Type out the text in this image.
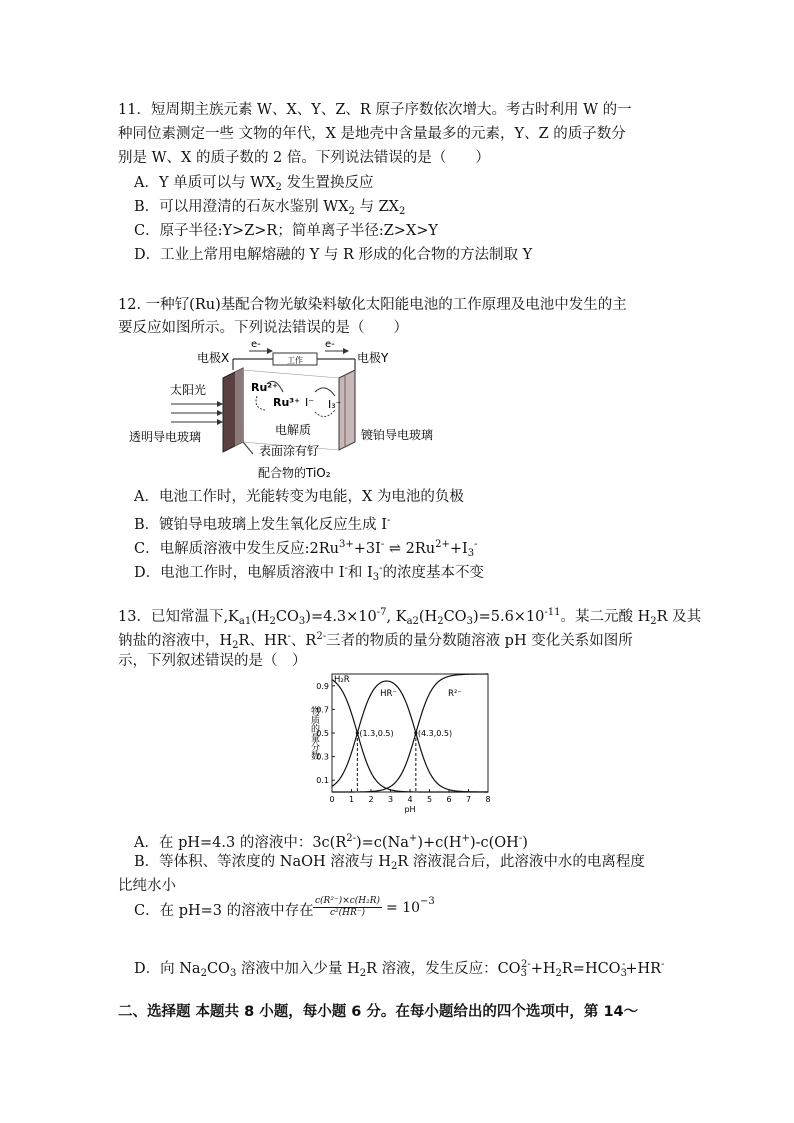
11．短周期主族元素 W、X、Y、Z、R 原子序数依次增大。考古时利用 W 的一
种同位素测定一些 文物的年代，X 是地壳中含量最多的元素，Y、Z 的质子数分
别是 W、X 的质子数的 2 倍。下列说法错误的是（　　）
A．Y 单质可以与 $WX_2$ 发生置换反应
B．可以用澄清的石灰水鉴别 $WX_2$ 与 $ZX_2$
C．原子半径:Y>Z>R；简单离子半径:Z>X>Y
D．工业上常用电解熔融的 Y 与 R 形成的化合物的方法制取 Y
12. 一种钌(Ru)基配合物光敏染料敏化太阳能电池的工作原理及电池中发生的主
要反应如图所示。下列说法错误的是（　　）
工作
e-	e-
电极X	电极Y
太阳光	Ru²⁺
Ru³⁺ I⁻ I₃⁻
电解质
透明导电玻璃	镀铂导电玻璃
表面涂有钌
配合物的TiO₂
A．电池工作时，光能转变为电能，X 为电池的负极
B．镀铂导电玻璃上发生氧化反应生成 I-
C．电解质溶液中发生反应$:2Ru^{3+}+3I^-$ ⇌ $2Ru^{2+}+I_3^-$
D．电池工作时，电解质溶液中 I-和 $I_3^-$的浓度基本不变
13．已知常温下$,K_{a1}(H_2CO_3)=4.3\times 10^{-7}$, $K_{a2}(H_2CO_3)=5.6\times 10^{-11}$。某二元酸 $H_2R$ 及其
钠盐的溶液中，$H_2R$、HR-、$R^{2-}$三者的物质的量分数随溶液 pH 变化关系如图所
示，下列叙述错误的是（　）
0 1 2 3 4 5 6 7 8
0.1
0.3
0.5
0.7
0.9
pH
物质的量分数	(1.3,0.5)	(4.3,0.5)
H₂R
HR⁻	R²⁻
A．在 pH=4.3 的溶液中：$3c(R^{2-})=c(Na^+)+c(H^+)-c(OH^-)$
B．等体积、等浓度的 NaOH 溶液与 $H_2R$ 溶液混合后，此溶液中水的电离程度
比纯水小
C．在 pH=3 的溶液中存在 $\frac{\text{c(R²⁻)×c(H₂R)}}{\text{c²(HR⁻)}} = 10 -3$
D．向 $Na_2CO_3$ 溶液中加入少量 $H_2R$ 溶液，发生反应：$CO_3^{2-}+H_2R=HCO_3^-+HR^-$
二、选择题 本题共 8 小题，每小题 6 分。在每小题给出的四个选项中，第 14～
